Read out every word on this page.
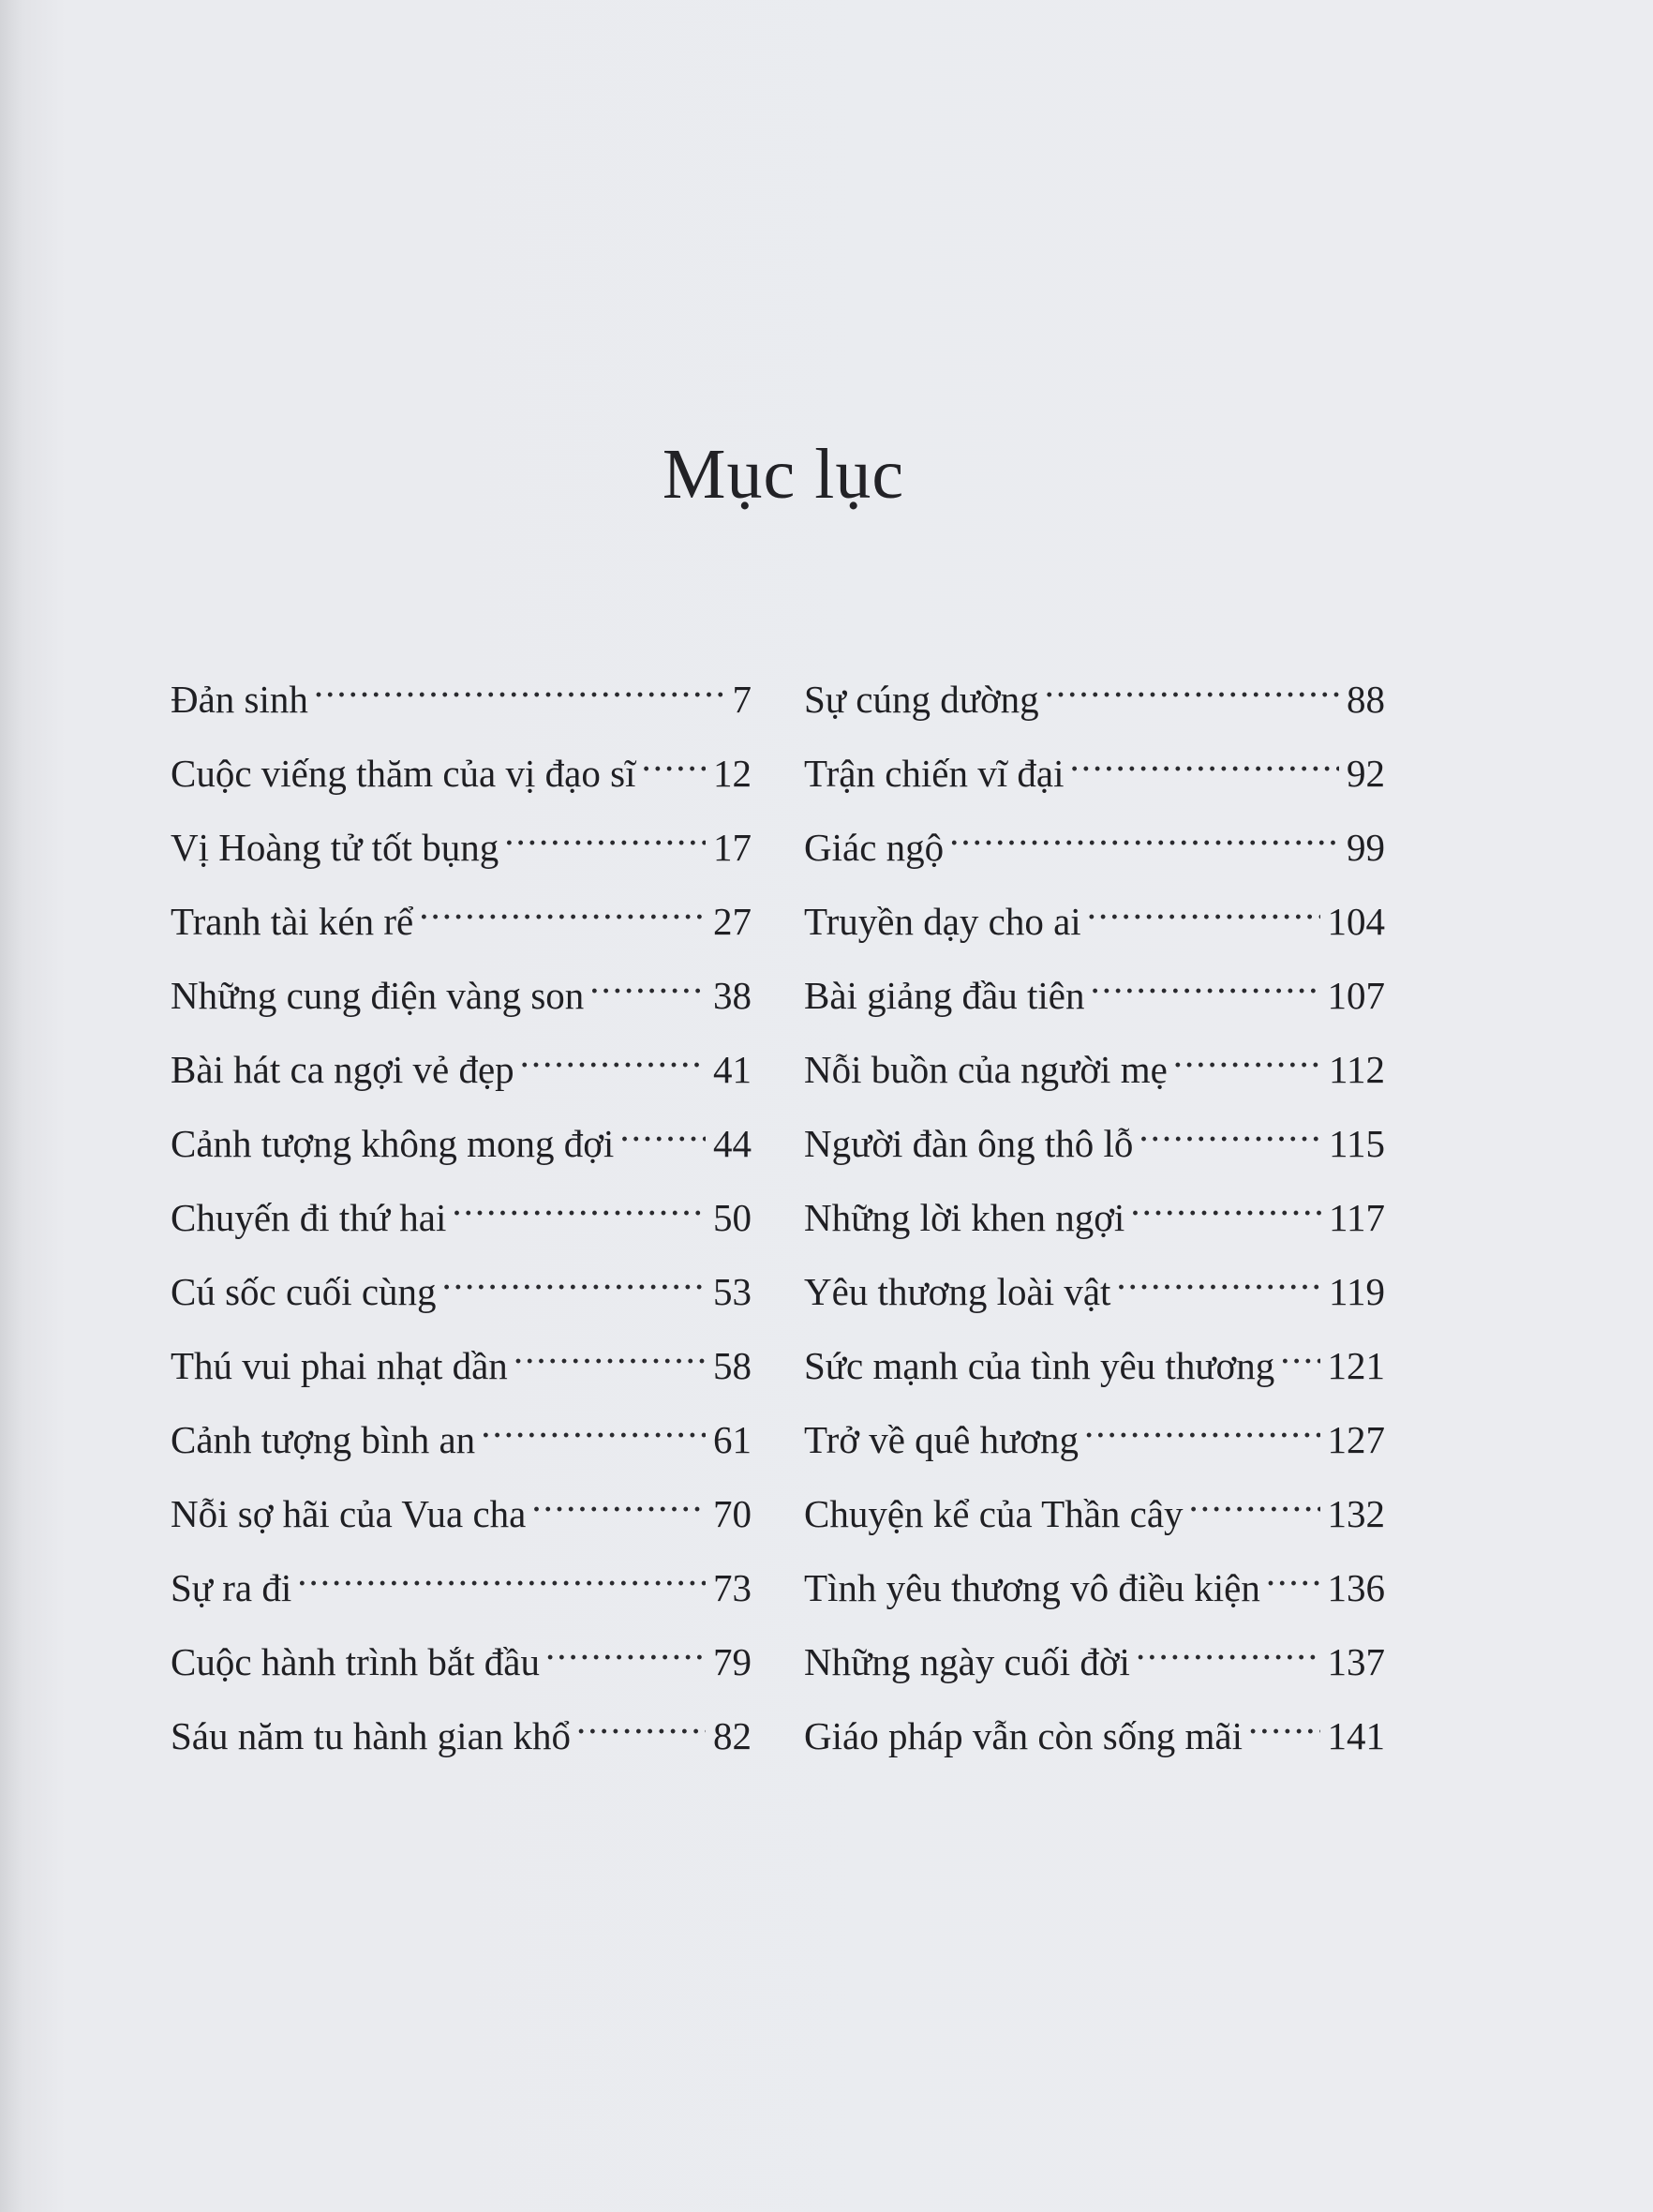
Mục lục
Đản sinh .....	7
Cuộc viếng thăm của vị đạo sĩ ..... 12
Vị Hoàng tử tốt bụng .....	17
Tranh tài kén rể .....	27
Những cung điện vàng son .....	38
Bài hát ca ngợi vẻ đẹp .....	41
Cảnh tượng không mong đợi .....	44
Chuyến đi thứ hai .....	50
Cú sốc cuối cùng .....	53
Thú vui phai nhạt dần .....	58
Cảnh tượng bình an .....	61
Nỗi sợ hãi của Vua cha .....	70
Sự ra đi .....	73
Cuộc hành trình bắt đầu .....	79
Sáu năm tu hành gian khổ .....	82
Sự cúng dường .....	88
Trận chiến vĩ đại .....	92
Giác ngộ .....	99
Truyền dạy cho ai .....	104
Bài giảng đầu tiên .....	107
Nỗi buồn của người mẹ .....	112
Người đàn ông thô lỗ .....	115
Những lời khen ngợi .....	117
Yêu thương loài vật .....	119
Sức mạnh của tình yêu thương ..... 121
Trở về quê hương .....	127
Chuyện kể của Thần cây .....	132
Tình yêu thương vô điều kiện ..... 136
Những ngày cuối đời .....	137
Giáo pháp vẫn còn sống mãi ..... 141
